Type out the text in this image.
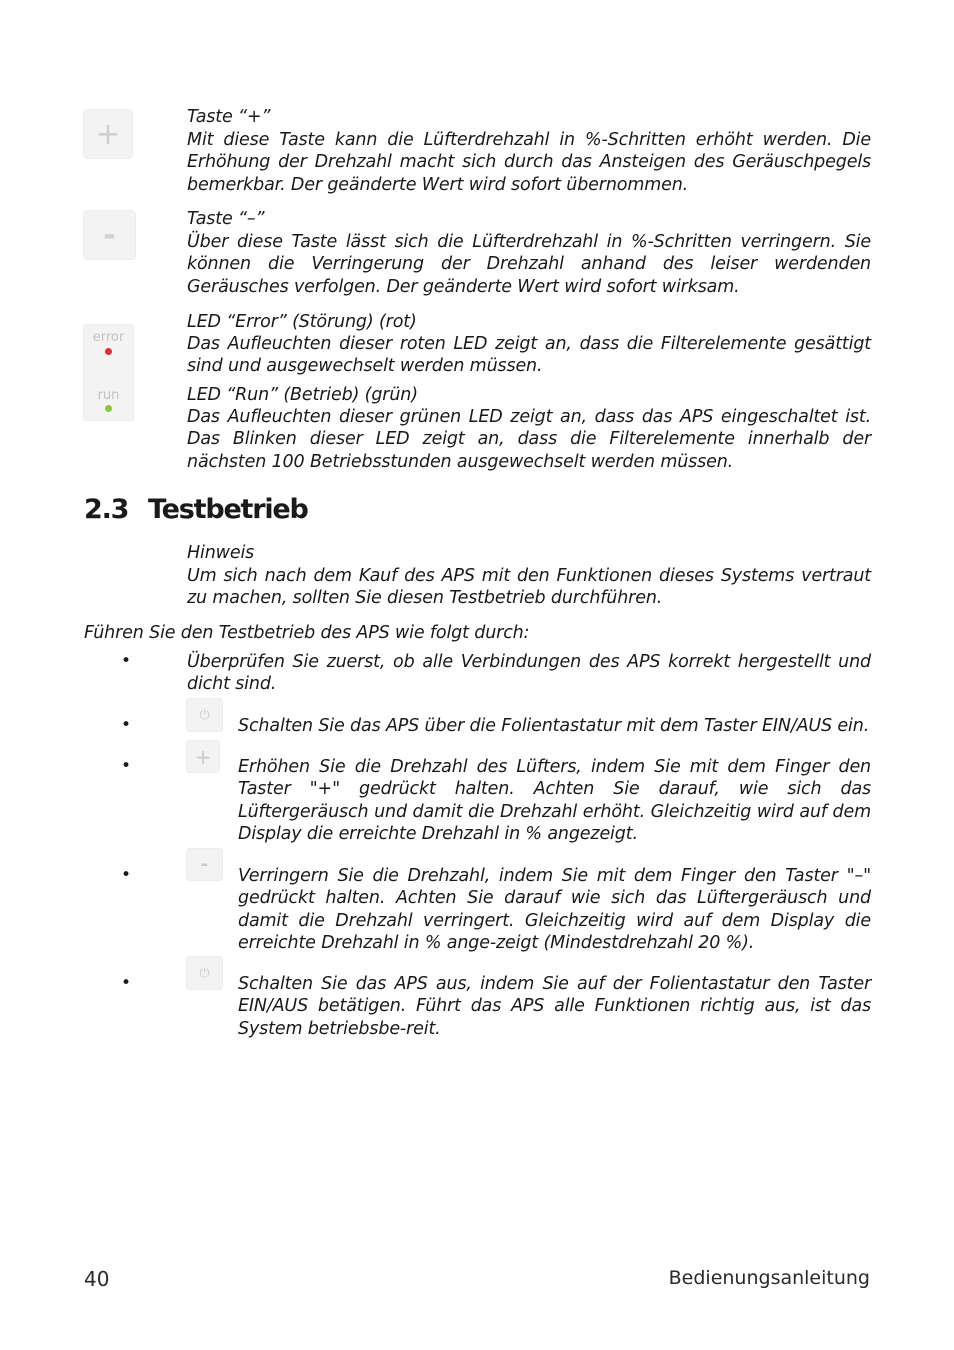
+
-
error
run
Taste “+”
Mit diese Taste kann die Lüfterdrehzahl in %-Schritten erhöht werden. Die Erhöhung der Drehzahl macht sich durch das Ansteigen des Geräuschpegels bemerkbar. Der geänderte Wert wird sofort übernommen.
Taste “–”
Über diese Taste lässt sich die Lüfterdrehzahl in %-Schritten verringern. Sie können die Verringerung der Drehzahl anhand des leiser werdenden Geräusches verfolgen. Der geänderte Wert wird sofort wirksam.
LED “Error” (Störung) (rot)
Das Aufleuchten dieser roten LED zeigt an, dass die Filterelemente gesättigt sind und ausgewechselt werden müssen.
LED “Run” (Betrieb) (grün)
Das Aufleuchten dieser grünen LED zeigt an, dass das APS eingeschaltet ist. Das Blinken dieser LED zeigt an, dass die Filterelemente innerhalb der nächsten 100 Betriebsstunden ausgewechselt werden müssen.
2.3 Testbetrieb
Hinweis
Um sich nach dem Kauf des APS mit den Funktionen dieses Systems vertraut zu machen, sollten Sie diesen Testbetrieb durchführen.
Führen Sie den Testbetrieb des APS wie folgt durch:
•	Überprüfen Sie zuerst, ob alle Verbindungen des APS korrekt hergestellt und dicht sind.
•	⏻
Schalten Sie das APS über die Folientastatur mit dem Taster EIN/AUS ein.
•	+ Erhöhen Sie die Drehzahl des Lüfters, indem Sie mit dem Finger den Taster "+" gedrückt halten. Achten Sie darauf, wie sich das Lüftergeräusch und damit die Drehzahl erhöht. Gleichzeitig wird auf dem Display die erreichte Drehzahl in % angezeigt.
•	-
Verringern Sie die Drehzahl, indem Sie mit dem Finger den Taster "–" gedrückt halten. Achten Sie darauf wie sich das Lüftergeräusch und damit die Drehzahl verringert. Gleichzeitig wird auf dem Display die erreichte Drehzahl in % ange-zeigt (Mindestdrehzahl 20 %).
•	⏻
Schalten Sie das APS aus, indem Sie auf der Folientastatur den Taster EIN/AUS betätigen. Führt das APS alle Funktionen richtig aus, ist das System betriebsbe-reit.
40	Bedienungsanleitung
